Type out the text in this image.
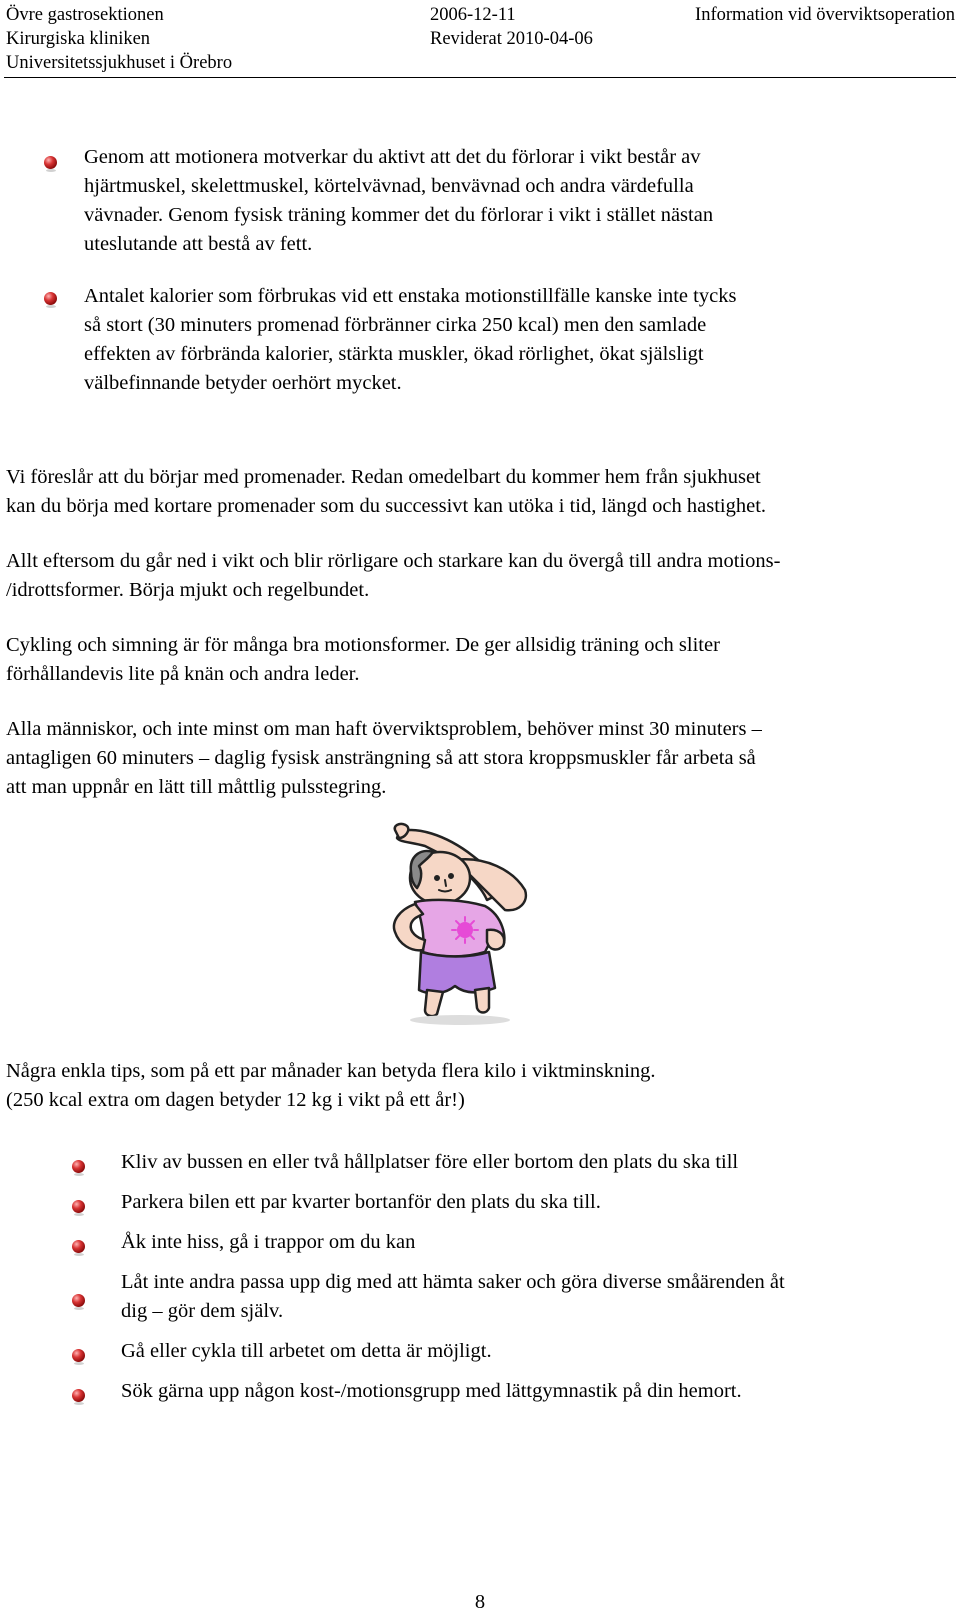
Övre gastrosektionen
Kirurgiska kliniken
Universitetssjukhuset i Örebro
2006-12-11
Reviderat 2010-04-06
Information vid överviktsoperation
Genom att motionera motverkar du aktivt att det du förlorar i vikt består av
hjärtmuskel, skelettmuskel, körtelvävnad, benvävnad och andra värdefulla
vävnader. Genom fysisk träning kommer det du förlorar i vikt i stället nästan
uteslutande att bestå av fett.
Antalet kalorier som förbrukas vid ett enstaka motionstillfälle kanske inte tycks
så stort (30 minuters promenad förbränner cirka 250 kcal) men den samlade
effekten av förbrända kalorier, stärkta muskler, ökad rörlighet, ökat själsligt
välbefinnande betyder oerhört mycket.
Vi föreslår att du börjar med promenader. Redan omedelbart du kommer hem från sjukhuset
kan du börja med kortare promenader som du successivt kan utöka i tid, längd och hastighet.
Allt eftersom du går ned i vikt och blir rörligare och starkare kan du övergå till andra motions-
/idrottsformer. Börja mjukt och regelbundet.
Cykling och simning är för många bra motionsformer. De ger allsidig träning och sliter
förhållandevis lite på knän och andra leder.
Alla människor, och inte minst om man haft överviktsproblem, behöver minst 30 minuters –
antagligen 60 minuters – daglig fysisk ansträngning så att stora kroppsmuskler får arbeta så
att man uppnår en lätt till måttlig pulsstegring.
Några enkla tips, som på ett par månader kan betyda flera kilo i viktminskning.
(250 kcal extra om dagen betyder 12 kg i vikt på ett år!)
Kliv av bussen en eller två hållplatser före eller bortom den plats du ska till
Parkera bilen ett par kvarter bortanför den plats du ska till.
Åk inte hiss, gå i trappor om du kan
Låt inte andra passa upp dig med att hämta saker och göra diverse småärenden åt
dig – gör dem själv.
Gå eller cykla till arbetet om detta är möjligt.
Sök gärna upp någon kost-/motionsgrupp med lättgymnastik på din hemort.
8
